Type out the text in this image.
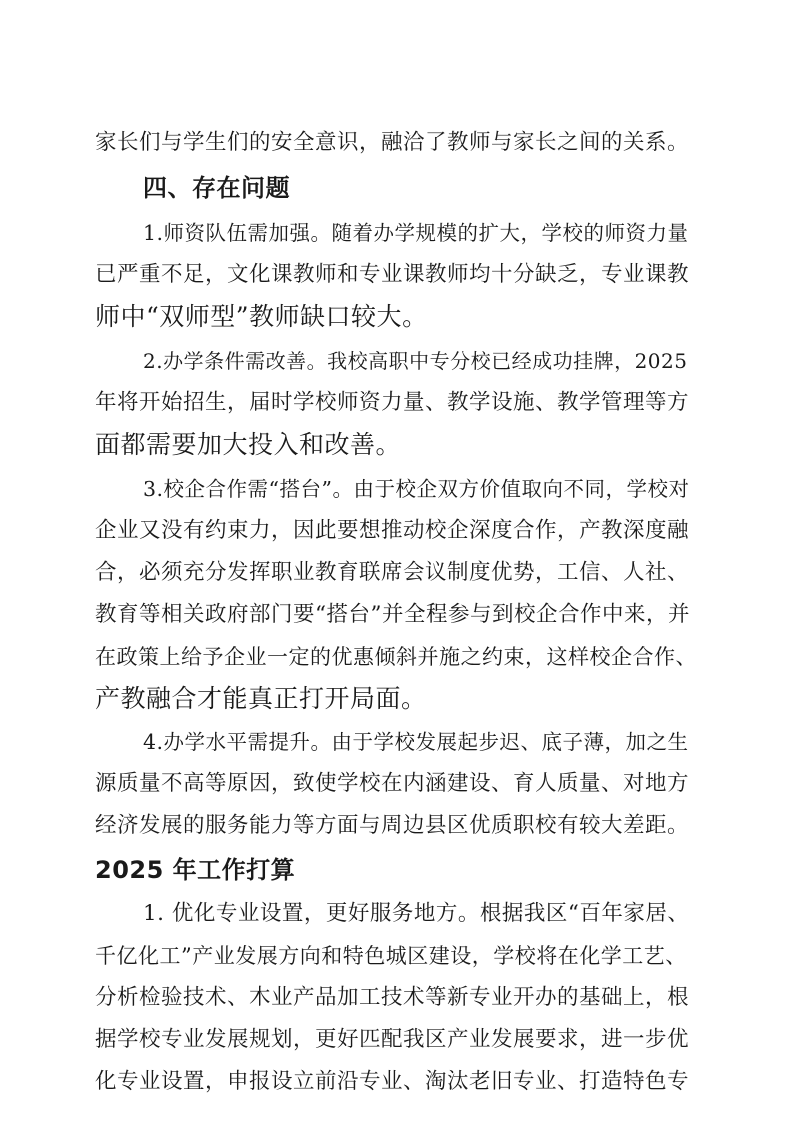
家长们与学生们的安全意识，融洽了教师与家长之间的关系。
四、存在问题
1.师资队伍需加强。随着办学规模的扩大，学校的师资力量
已严重不足，文化课教师和专业课教师均十分缺乏，专业课教
师中“双师型”教师缺口较大。
2.办学条件需改善。我校高职中专分校已经成功挂牌，2025
年将开始招生，届时学校师资力量、教学设施、教学管理等方
面都需要加大投入和改善。
3.校企合作需“搭台”。由于校企双方价值取向不同，学校对
企业又没有约束力，因此要想推动校企深度合作，产教深度融
合，必须充分发挥职业教育联席会议制度优势，工信、人社、
教育等相关政府部门要“搭台”并全程参与到校企合作中来，并
在政策上给予企业一定的优惠倾斜并施之约束，这样校企合作、
产教融合才能真正打开局面。
4.办学水平需提升。由于学校发展起步迟、底子薄，加之生
源质量不高等原因，致使学校在内涵建设、育人质量、对地方
经济发展的服务能力等方面与周边县区优质职校有较大差距。
2025 年工作打算
1. 优化专业设置，更好服务地方。根据我区“百年家居、
千亿化工”产业发展方向和特色城区建设，学校将在化学工艺、
分析检验技术、木业产品加工技术等新专业开办的基础上，根
据学校专业发展规划，更好匹配我区产业发展要求，进一步优
化专业设置，申报设立前沿专业、淘汰老旧专业、打造特色专
